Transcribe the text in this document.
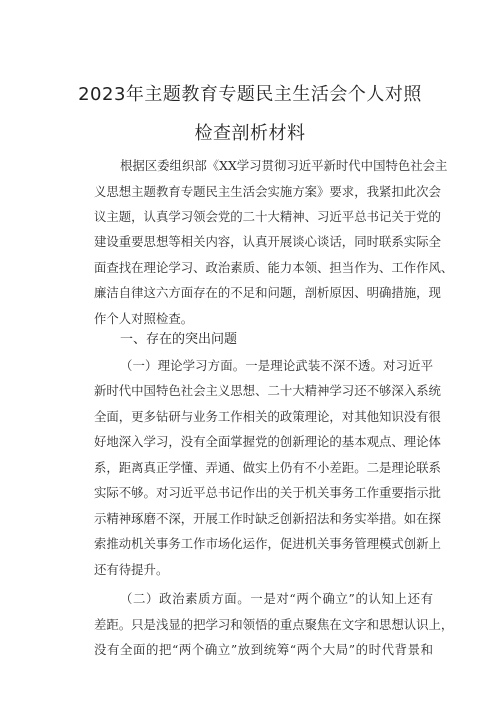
2023年主题教育专题民主生活会个人对照
检查剖析材料
根据区委组织部《XX学习贯彻习近平新时代中国特色社会主
义思想主题教育专题民主生活会实施方案》要求，我紧扣此次会
议主题，认真学习领会党的二十大精神、习近平总书记关于党的
建设重要思想等相关内容，认真开展谈心谈话，同时联系实际全
面查找在理论学习、政治素质、能力本领、担当作为、工作作风、
廉洁自律这六方面存在的不足和问题，剖析原因、明确措施，现
作个人对照检查。
一、存在的突出问题
（一）理论学习方面。一是理论武装不深不透。对习近平
新时代中国特色社会主义思想、二十大精神学习还不够深入系统
全面，更多钻研与业务工作相关的政策理论，对其他知识没有很
好地深入学习，没有全面掌握党的创新理论的基本观点、理论体
系，距离真正学懂、弄通、做实上仍有不小差距。二是理论联系
实际不够。对习近平总书记作出的关于机关事务工作重要指示批
示精神琢磨不深，开展工作时缺乏创新招法和务实举措。如在探
索推动机关事务工作市场化运作，促进机关事务管理模式创新上
还有待提升。
（二）政治素质方面。一是对“两个确立”的认知上还有
差距。只是浅显的把学习和领悟的重点聚焦在文字和思想认识上，
没有全面的把“两个确立”放到统筹“两个大局”的时代背景和
